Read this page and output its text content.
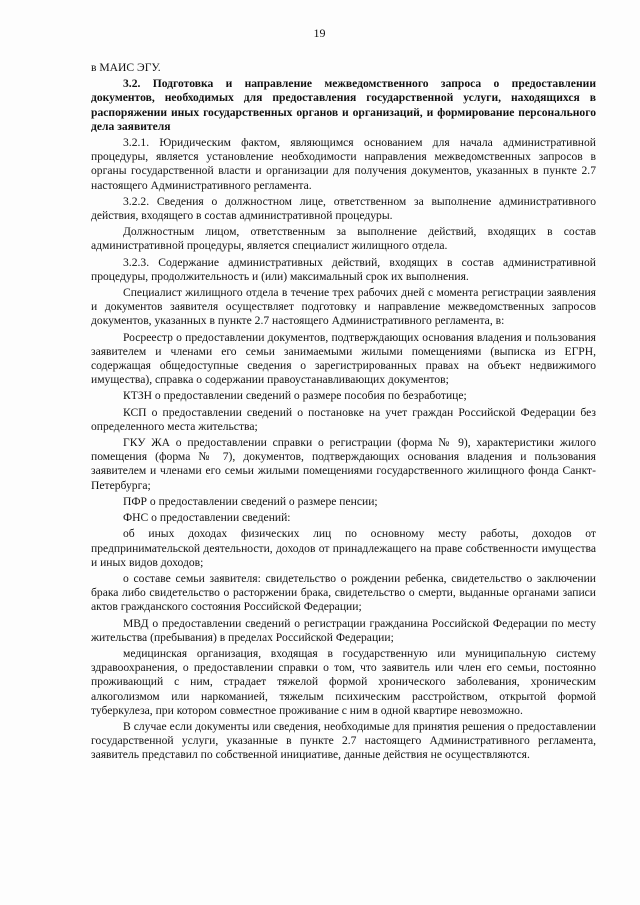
19

в МАИС ЭГУ.

3.2. Подготовка и направление межведомственного запроса о предоставлении документов, необходимых для предоставления государственной услуги, находящихся в распоряжении иных государственных органов и организаций, и формирование персонального дела заявителя

3.2.1. Юридическим фактом, являющимся основанием для начала административной процедуры, является установление необходимости направления межведомственных запросов в органы государственной власти и организации для получения документов, указанных в пункте 2.7 настоящего Административного регламента.

3.2.2. Сведения о должностном лице, ответственном за выполнение административного действия, входящего в состав административной процедуры.

Должностным лицом, ответственным за выполнение действий, входящих в состав административной процедуры, является специалист жилищного отдела.

3.2.3. Содержание административных действий, входящих в состав административной процедуры, продолжительность и (или) максимальный срок их выполнения.

Специалист жилищного отдела в течение трех рабочих дней с момента регистрации заявления и документов заявителя осуществляет подготовку и направление межведомственных запросов документов, указанных в пункте 2.7 настоящего Административного регламента, в:

Росреестр о предоставлении документов, подтверждающих основания владения и пользования заявителем и членами его семьи занимаемыми жилыми помещениями (выписка из ЕГРН, содержащая общедоступные сведения о зарегистрированных правах на объект недвижимого имущества), справка о содержании правоустанавливающих документов;

КТЗН о предоставлении сведений о размере пособия по безработице;

КСП о предоставлении сведений о постановке на учет граждан Российской Федерации без определенного места жительства;

ГКУ ЖА о предоставлении справки о регистрации (форма № 9), характеристики жилого помещения (форма № 7), документов, подтверждающих основания владения и пользования заявителем и членами его семьи жилыми помещениями государственного жилищного фонда Санкт-Петербурга;

ПФР о предоставлении сведений о размере пенсии;

ФНС о предоставлении сведений:

об иных доходах физических лиц по основному месту работы, доходов от предпринимательской деятельности, доходов от принадлежащего на праве собственности имущества и иных видов доходов;

о составе семьи заявителя: свидетельство о рождении ребенка, свидетельство о заключении брака либо свидетельство о расторжении брака, свидетельство о смерти, выданные органами записи актов гражданского состояния Российской Федерации;

МВД о предоставлении сведений о регистрации гражданина Российской Федерации по месту жительства (пребывания) в пределах Российской Федерации;

медицинская организация, входящая в государственную или муниципальную систему здравоохранения, о предоставлении справки о том, что заявитель или член его семьи, постоянно проживающий с ним, страдает тяжелой формой хронического заболевания, хроническим алкоголизмом или наркоманией, тяжелым психическим расстройством, открытой формой туберкулеза, при котором совместное проживание с ним в одной квартире невозможно.

В случае если документы или сведения, необходимые для принятия решения о предоставлении государственной услуги, указанные в пункте 2.7 настоящего Административного регламента, заявитель представил по собственной инициативе, данные действия не осуществляются.
